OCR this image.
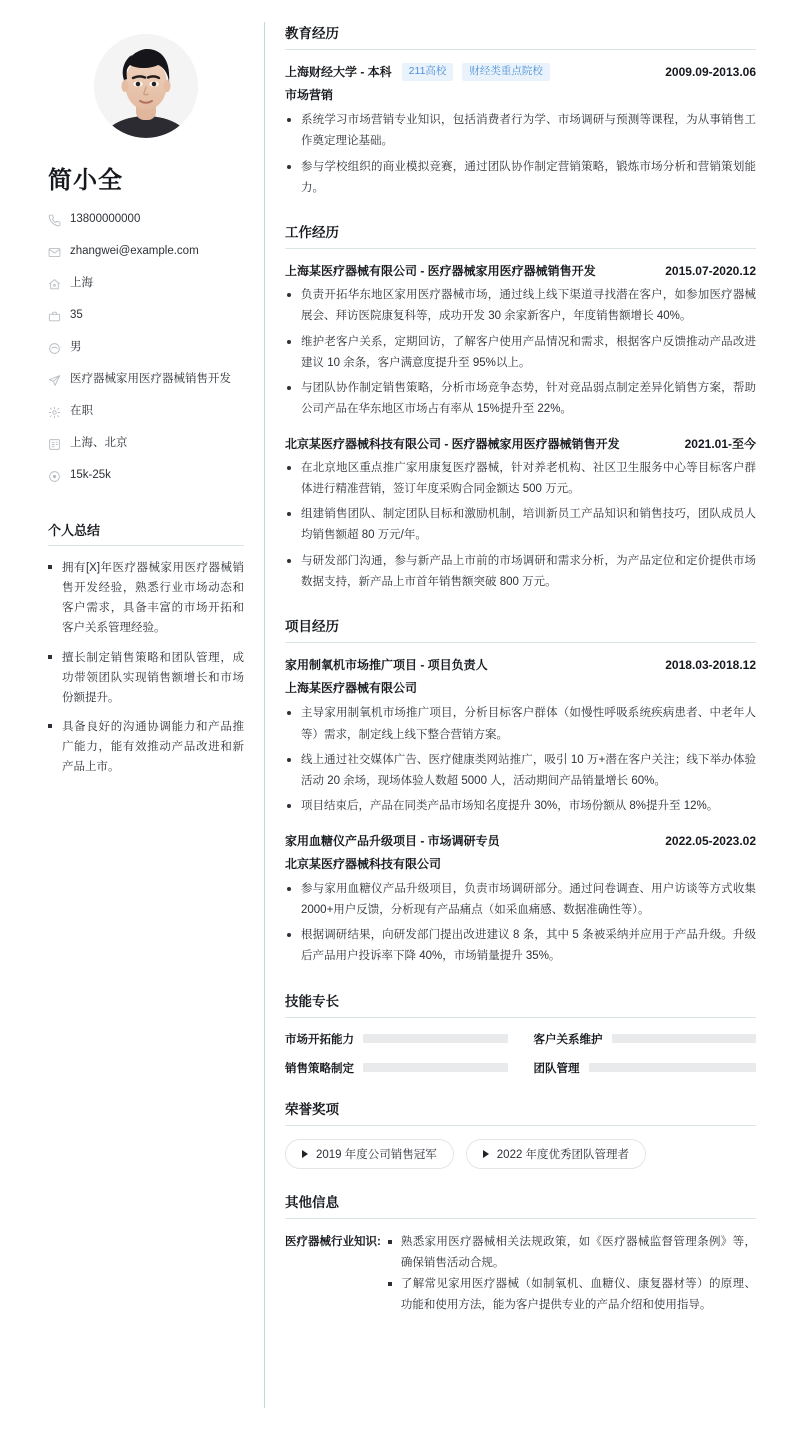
简小全
13800000000
zhangwei@example.com
上海
35
男
医疗器械家用医疗器械销售开发
在职
上海、北京
15k-25k
个人总结
拥有[X]年医疗器械家用医疗器械销售开发经验，熟悉行业市场动态和客户需求，具备丰富的市场开拓和客户关系管理经验。
擅长制定销售策略和团队管理，成功带领团队实现销售额增长和市场份额提升。
具备良好的沟通协调能力和产品推广能力，能有效推动产品改进和新产品上市。
教育经历
上海财经大学 - 本科	211高校	财经类重点院校	2009.09-2013.06
市场营销
系统学习市场营销专业知识，包括消费者行为学、市场调研与预测等课程，为从事销售工作奠定理论基础。
参与学校组织的商业模拟竞赛，通过团队协作制定营销策略，锻炼市场分析和营销策划能力。
工作经历
上海某医疗器械有限公司 - 医疗器械家用医疗器械销售开发	2015.07-2020.12
负责开拓华东地区家用医疗器械市场，通过线上线下渠道寻找潜在客户，如参加医疗器械展会、拜访医院康复科等，成功开发 30 余家新客户，年度销售额增长 40%。
维护老客户关系，定期回访，了解客户使用产品情况和需求，根据客户反馈推动产品改进建议 10 余条，客户满意度提升至 95%以上。
与团队协作制定销售策略，分析市场竞争态势，针对竞品弱点制定差异化销售方案，帮助公司产品在华东地区市场占有率从 15%提升至 22%。
北京某医疗器械科技有限公司 - 医疗器械家用医疗器械销售开发	2021.01-至今
在北京地区重点推广家用康复医疗器械，针对养老机构、社区卫生服务中心等目标客户群体进行精准营销，签订年度采购合同金额达 500 万元。
组建销售团队、制定团队目标和激励机制，培训新员工产品知识和销售技巧，团队成员人均销售额超 80 万元/年。
与研发部门沟通，参与新产品上市前的市场调研和需求分析，为产品定位和定价提供市场数据支持，新产品上市首年销售额突破 800 万元。
项目经历
家用制氧机市场推广项目 - 项目负责人	2018.03-2018.12
上海某医疗器械有限公司
主导家用制氧机市场推广项目，分析目标客户群体（如慢性呼吸系统疾病患者、中老年人等）需求，制定线上线下整合营销方案。
线上通过社交媒体广告、医疗健康类网站推广，吸引 10 万+潜在客户关注；线下举办体验活动 20 余场，现场体验人数超 5000 人，活动期间产品销量增长 60%。
项目结束后，产品在同类产品市场知名度提升 30%，市场份额从 8%提升至 12%。
家用血糖仪产品升级项目 - 市场调研专员	2022.05-2023.02
北京某医疗器械科技有限公司
参与家用血糖仪产品升级项目，负责市场调研部分。通过问卷调查、用户访谈等方式收集 2000+用户反馈，分析现有产品痛点（如采血痛感、数据准确性等）。
根据调研结果，向研发部门提出改进建议 8 条，其中 5 条被采纳并应用于产品升级。升级后产品用户投诉率下降 40%，市场销量提升 35%。
技能专长
市场开拓能力	客户关系维护
销售策略制定	团队管理
荣誉奖项
2019 年度公司销售冠军	2022 年度优秀团队管理者
其他信息
医疗器械行业知识:	熟悉家用医疗器械相关法规政策，如《医疗器械监督管理条例》等，确保销售活动合规。
了解常见家用医疗器械（如制氧机、血糖仪、康复器材等）的原理、功能和使用方法，能为客户提供专业的产品介绍和使用指导。
